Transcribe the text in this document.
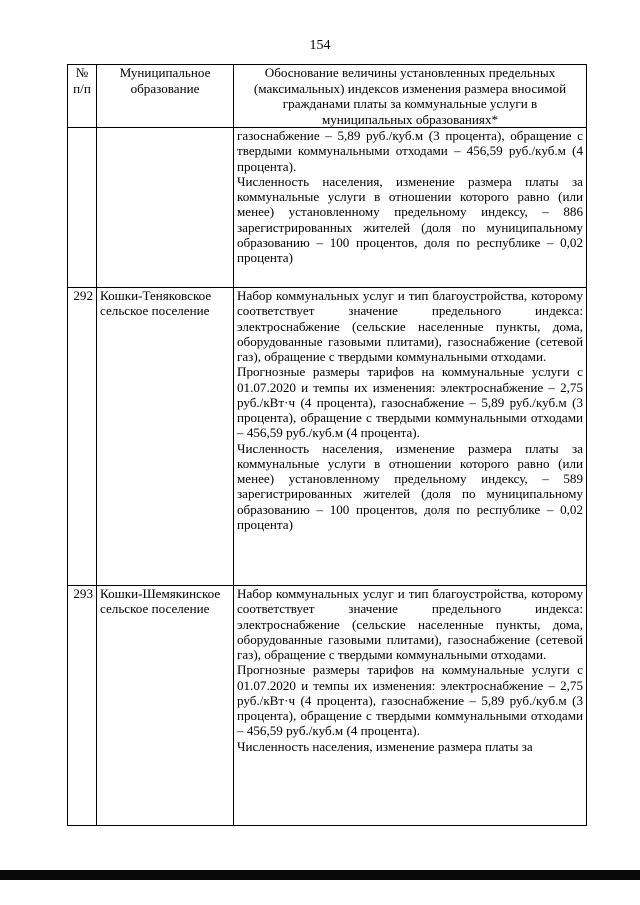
154
№ п/п	Муниципальное образование	Обоснование величины установленных предельных (максимальных) индексов изменения размера вносимой гражданами платы за коммунальные услуги в муниципальных образованиях*

		газоснабжение – 5,89 руб./куб.м (3 процента), обращение с твердыми коммунальными отходами – 456,59 руб./куб.м (4 процента).

Численность населения, изменение размера платы за коммунальные услуги в отношении которого равно (или менее) установленному предельному индексу, – 886 зарегистрированных жителей (доля по муниципальному образованию – 100 процентов, доля по республике – 0,02 процента)

292	Кошки-Теняковское сельское поселение	Набор коммунальных услуг и тип благоустройства, которому соответствует значение предельного индекса: электроснабжение (сельские населенные пункты, дома, оборудованные газовыми плитами), газоснабжение (сетевой газ), обращение с твердыми коммунальными отходами.

Прогнозные размеры тарифов на коммунальные услуги с 01.07.2020 и темпы их изменения: электроснабжение – 2,75 руб./кВт·ч (4 процента), газоснабжение – 5,89 руб./куб.м (3 процента), обращение с твердыми коммунальными отходами – 456,59 руб./куб.м (4 процента).

Численность населения, изменение размера платы за коммунальные услуги в отношении которого равно (или менее) установленному предельному индексу, – 589 зарегистрированных жителей (доля по муниципальному образованию – 100 процентов, доля по республике – 0,02 процента)

293	Кошки-Шемякинское сельское поселение	Набор коммунальных услуг и тип благоустройства, которому соответствует значение предельного индекса: электроснабжение (сельские населенные пункты, дома, оборудованные газовыми плитами), газоснабжение (сетевой газ), обращение с твердыми коммунальными отходами.

Прогнозные размеры тарифов на коммунальные услуги с 01.07.2020 и темпы их изменения: электроснабжение – 2,75 руб./кВт·ч (4 процента), газоснабжение – 5,89 руб./куб.м (3 процента), обращение с твердыми коммунальными отходами – 456,59 руб./куб.м (4 процента).

Численность населения, изменение размера платы за
